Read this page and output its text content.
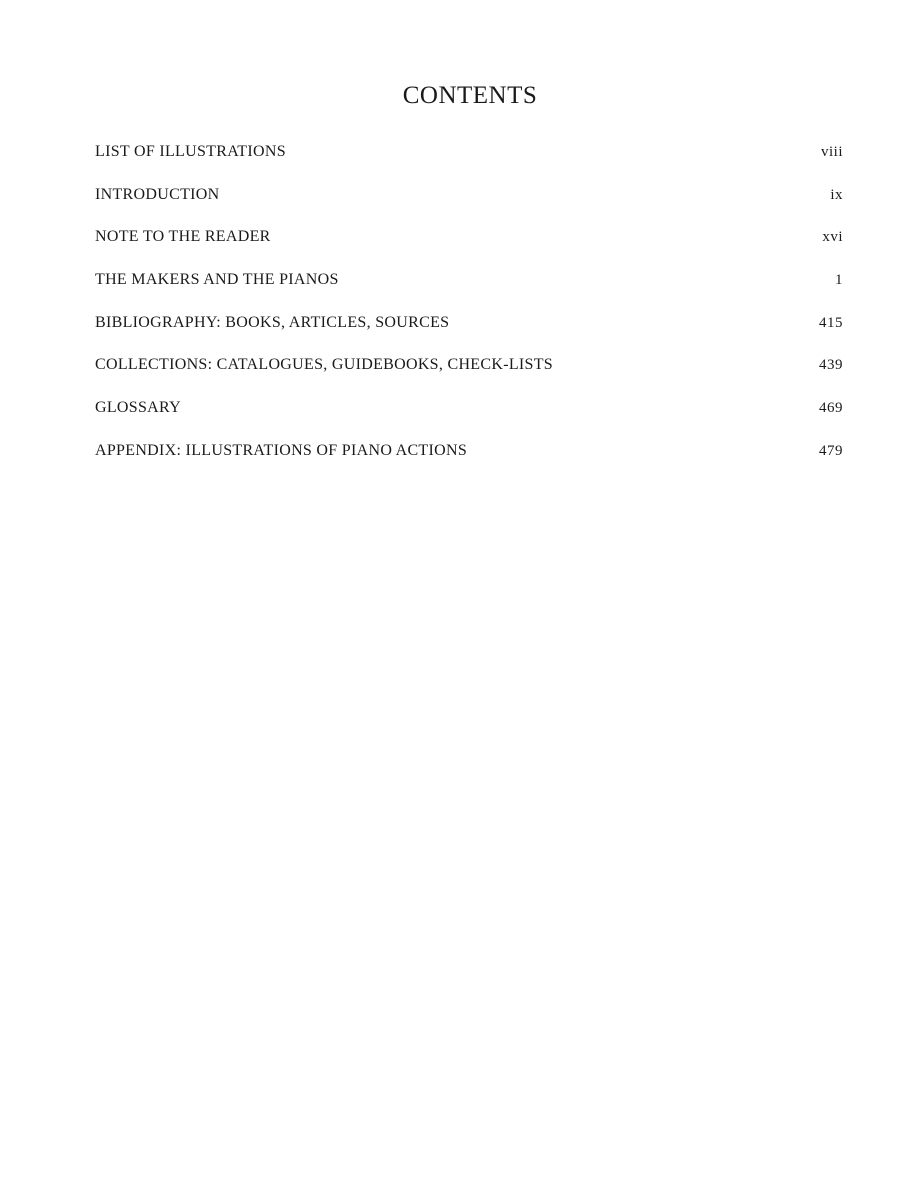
CONTENTS
LIST OF ILLUSTRATIONS	viii
INTRODUCTION	ix
NOTE TO THE READER	xvi
THE MAKERS AND THE PIANOS	1
BIBLIOGRAPHY: BOOKS, ARTICLES, SOURCES	415
COLLECTIONS: CATALOGUES, GUIDEBOOKS, CHECK-LISTS	439
GLOSSARY	469
APPENDIX: ILLUSTRATIONS OF PIANO ACTIONS	479
